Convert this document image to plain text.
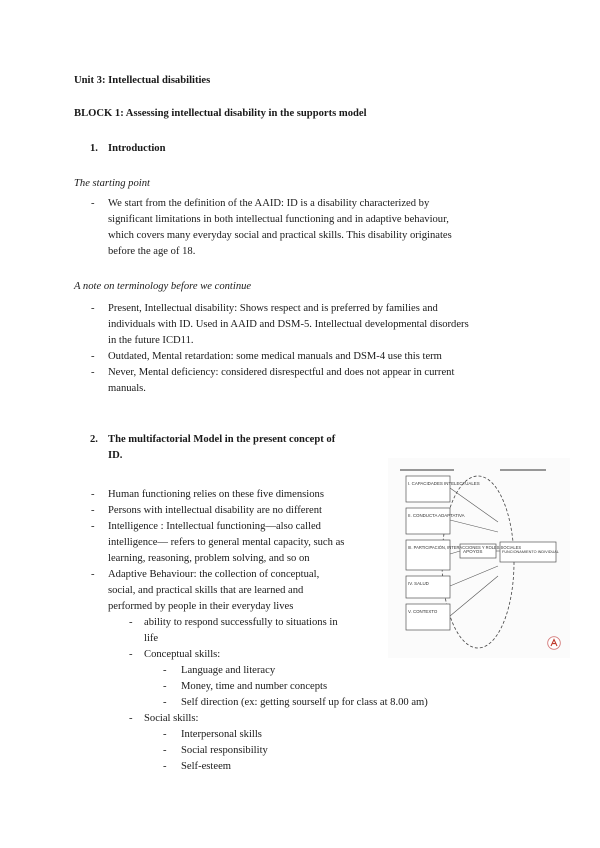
Unit 3: Intellectual disabilities
BLOCK 1: Assessing intellectual disability in the supports model
1. Introduction
The starting point
- We start from the definition of the AAID: ID is a disability characterized by
significant limitations in both intellectual functioning and in adaptive behaviour,
which covers many everyday social and practical skills. This disability originates
before the age of 18.
A note on terminology before we continue
- Present, Intellectual disability: Shows respect and is preferred by families and
individuals with ID. Used in AAID and DSM-5. Intellectual developmental disorders
in the future ICD11.
- Outdated, Mental retardation: some medical manuals and DSM-4 use this term
- Never, Mental deficiency: considered disrespectful and does not appear in current
manuals.
2. The multifactorial Model in the present concept of
ID.
- Human functioning relies on these five dimensions
- Persons with intellectual disability are no different
- Intelligence : Intellectual functioning—also called
intelligence— refers to general mental capacity, such as
learning, reasoning, problem solving, and so on
- Adaptive Behaviour: the collection of conceptual,
social, and practical skills that are learned and
performed by people in their everyday lives
- ability to respond successfully to situations in
life
- Conceptual skills:
- Language and literacy
- Money, time and number concepts
- Self direction (ex: getting sourself up for class at 8.00 am)
- Social skills:
- Interpersonal skills
- Social responsibility
- Self-esteem
I. CAPACIDADES INTELECTUALES
II. CONDUCTA ADAPTATIVA
III. PARTICIPACIÓN, INTERACCIONES Y ROLES SOCIALES
IV. SALUD
V. CONTEXTO
APOYOS	FUNCIONAMIENTO INDIVIDUAL
